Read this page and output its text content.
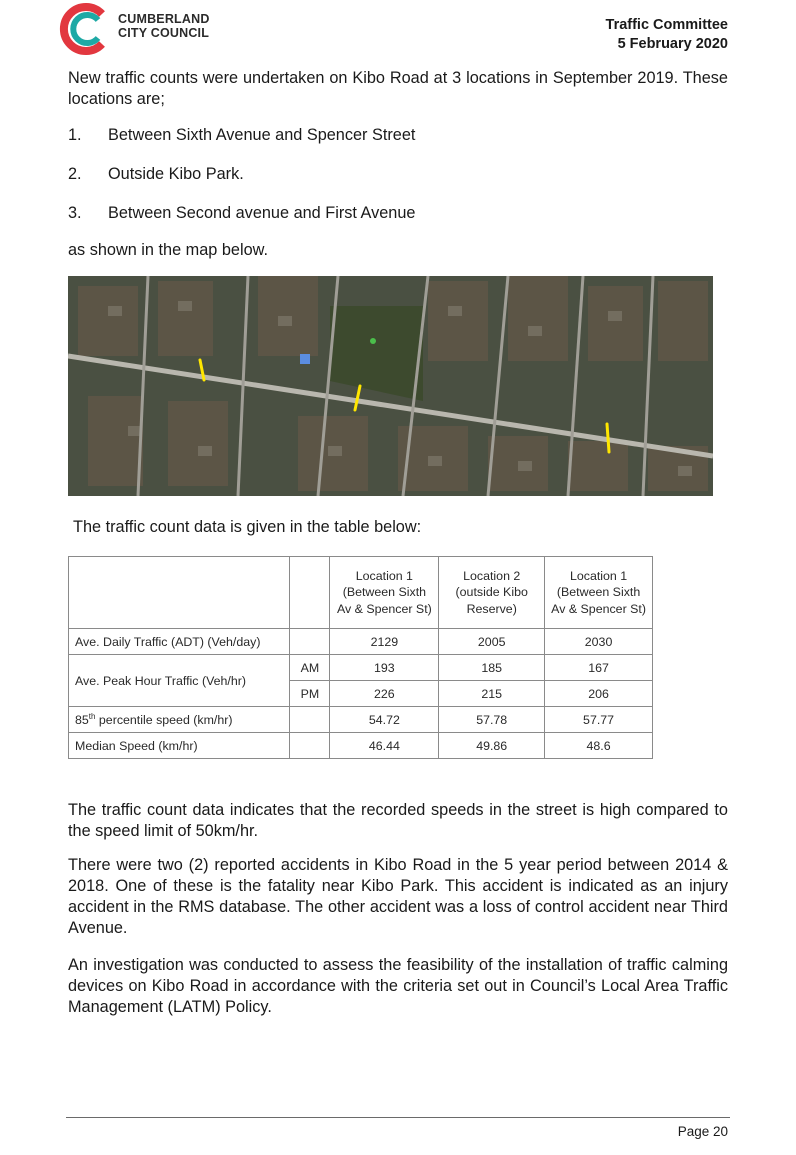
CUMBERLAND
CITY COUNCIL	Traffic Committee
5 February 2020
New traffic counts were undertaken on Kibo Road at 3 locations in September 2019. These locations are;
1. Between Sixth Avenue and Spencer Street
2. Outside Kibo Park.
3. Between Second avenue and First Avenue
as shown in the map below.
The traffic count data is given in the table below:
		Location 1 (Between Sixth Av & Spencer St)	Location 2 (outside Kibo Reserve)	Location 1 (Between Sixth Av & Spencer St)
Ave. Daily Traffic (ADT) (Veh/day)		2129	2005	2030
Ave. Peak Hour Traffic (Veh/hr)	AM	193	185	167
	PM	226	215	206
85th percentile speed (km/hr)		54.72	57.78	57.77
Median Speed (km/hr)		46.44	49.86	48.6
The traffic count data indicates that the recorded speeds in the street is high compared to the speed limit of 50km/hr.
There were two (2) reported accidents in Kibo Road in the 5 year period between 2014 & 2018. One of these is the fatality near Kibo Park. This accident is indicated as an injury accident in the RMS database. The other accident was a loss of control accident near Third Avenue.
An investigation was conducted to assess the feasibility of the installation of traffic calming devices on Kibo Road in accordance with the criteria set out in Council’s Local Area Traffic Management (LATM) Policy.
Page 20
